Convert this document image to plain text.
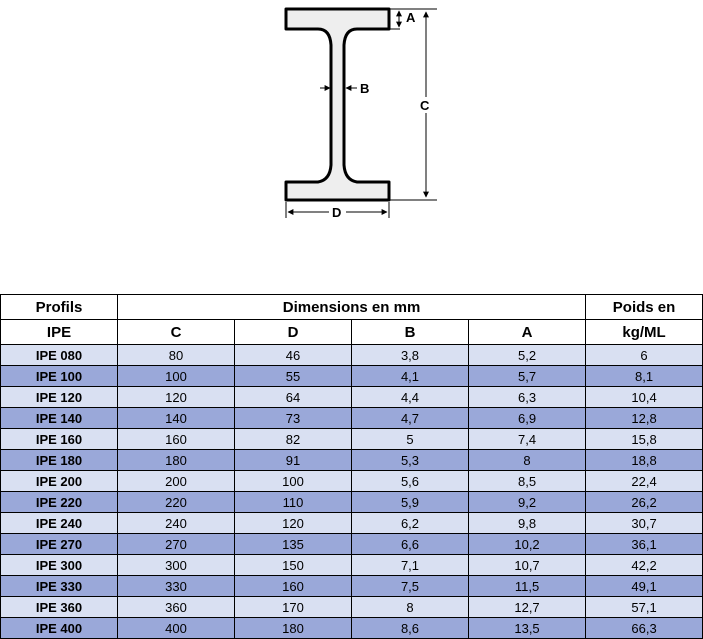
A
B
C
D
Profils	Dimensions en mm				Poids en
IPE	C	D	B	A	kg/ML
IPE 080	80	46	3,8	5,2	6
IPE 100	100	55	4,1	5,7	8,1
IPE 120	120	64	4,4	6,3	10,4
IPE 140	140	73	4,7	6,9	12,8
IPE 160	160	82	5	7,4	15,8
IPE 180	180	91	5,3	8	18,8
IPE 200	200	100	5,6	8,5	22,4
IPE 220	220	110	5,9	9,2	26,2
IPE 240	240	120	6,2	9,8	30,7
IPE 270	270	135	6,6	10,2	36,1
IPE 300	300	150	7,1	10,7	42,2
IPE 330	330	160	7,5	11,5	49,1
IPE 360	360	170	8	12,7	57,1
IPE 400	400	180	8,6	13,5	66,3
